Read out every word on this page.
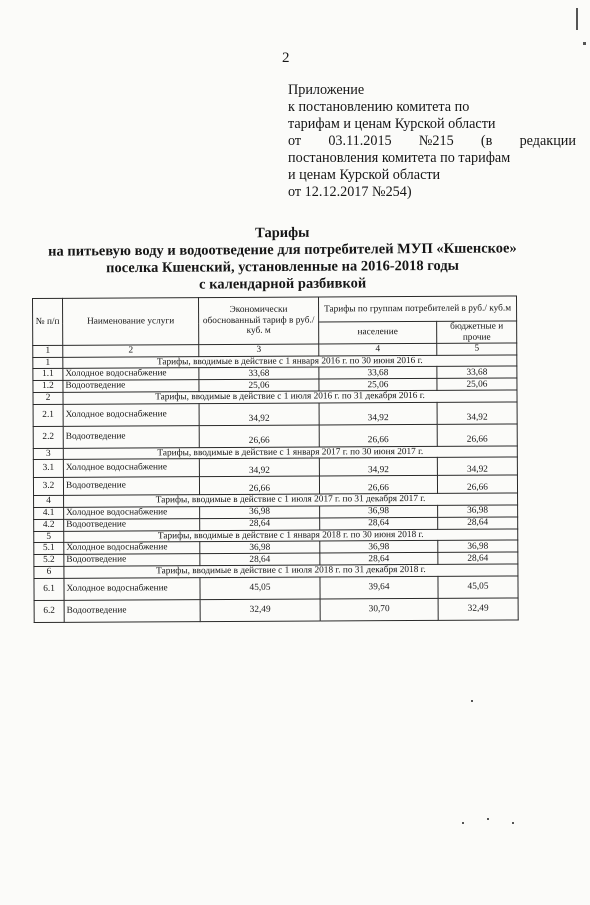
2
Приложение
к постановлению комитета по
тарифам и ценам Курской области
от 03.11.2015 №215 (в редакции
постановления комитета по тарифам
и ценам Курской области
от 12.12.2017 №254)
Тарифы
на питьевую воду и водоотведение для потребителей МУП «Кшенское»
поселка Кшенский, установленные на 2016-2018 годы
с календарной разбивкой
№ п/п	Наименование услуги	Экономически обоснованный тариф в руб./ куб. м	Тарифы по группам потребителей в руб./ куб.м	
			население	бюджетные и прочие
1	2	3	4	5
1	Тарифы, вводимые в действие с 1 января 2016 г. по 30 июня 2016 г.			
1.1	Холодное водоснабжение	33,68	33,68	33,68
1.2	Водоотведение	25,06	25,06	25,06
2	Тарифы, вводимые в действие с 1 июля 2016 г. по 31 декабря 2016 г.			
2.1	Холодное водоснабжение	34,92	34,92	34,92
2.2	Водоотведение	26,66	26,66	26,66
3	Тарифы, вводимые в действие с 1 января 2017 г. по 30 июня 2017 г.			
3.1	Холодное водоснабжение	34,92	34,92	34,92
3.2	Водоотведение	26,66	26,66	26,66
4	Тарифы, вводимые в действие с 1 июля 2017 г. по 31 декабря 2017 г.			
4.1	Холодное водоснабжение	36,98	36,98	36,98
4.2	Водоотведение	28,64	28,64	28,64
5	Тарифы, вводимые в действие с 1 января 2018 г. по 30 июня 2018 г.			
5.1	Холодное водоснабжение	36,98	36,98	36,98
5.2	Водоотведение	28,64	28,64	28,64
6	Тарифы, вводимые в действие с 1 июля 2018 г. по 31 декабря 2018 г.			
6.1	Холодное водоснабжение	45,05	39,64	45,05
6.2	Водоотведение	32,49	30,70	32,49
